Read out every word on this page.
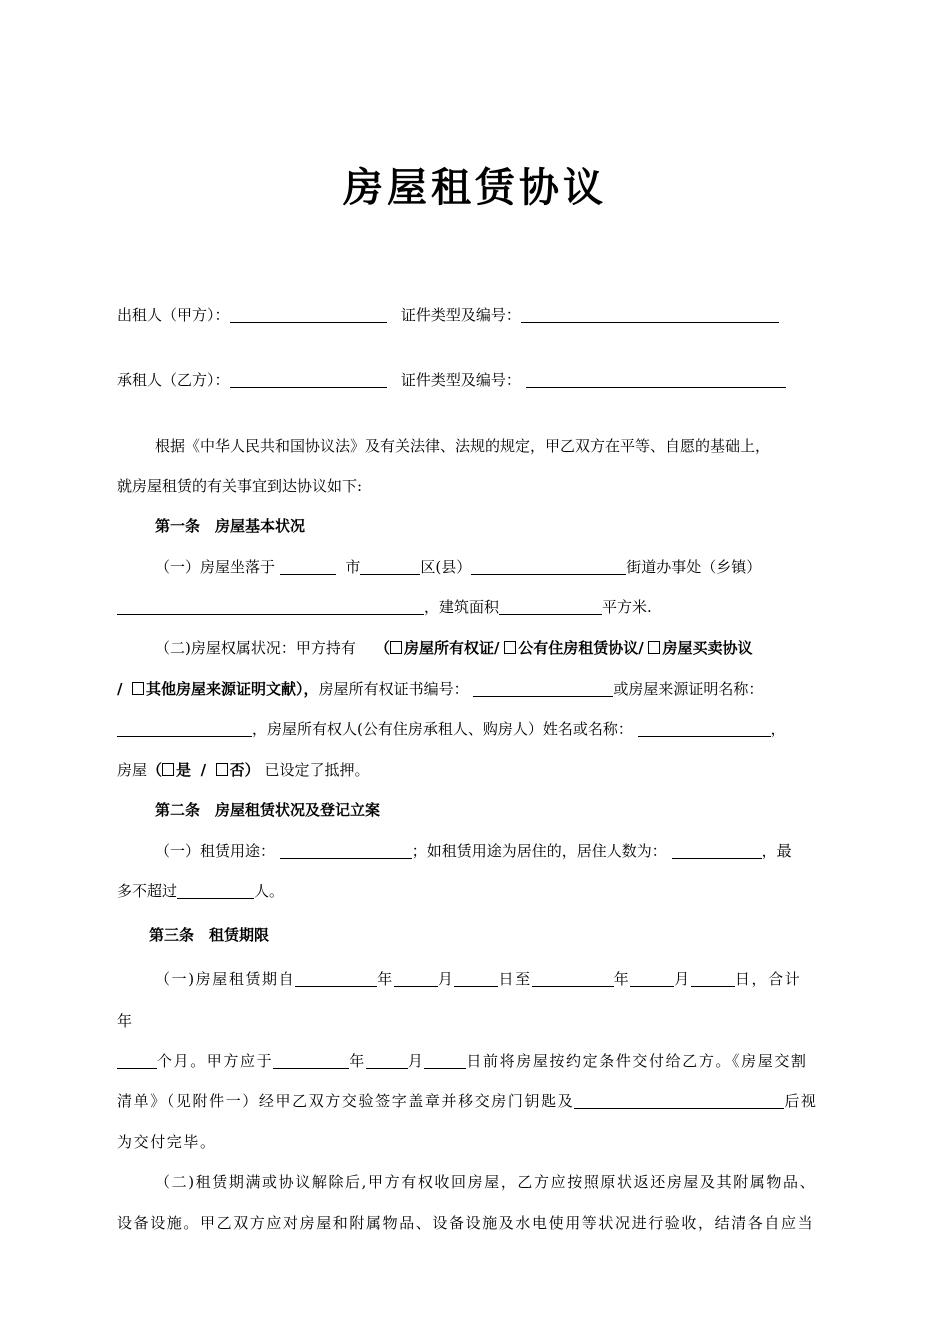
房屋租赁协议
出租人（甲方）：	证件类型及编号：
承租人（乙方）：	证件类型及编号：
根据《中华人民共和国协议法》及有关法律、法规的规定，甲乙双方在平等、自愿的基础上，
就房屋租赁的有关事宜到达协议如下:
第一条　房屋基本状况
（一）房屋坐落于	市	区(县）	街道办事处（乡镇）
，建筑面积	平方米.
（二)房屋权属状况：甲方持有 （ 房屋所有权证/ 公有住房租赁协议/ 房屋买卖协议
/ 其他房屋来源证明文献），房屋所有权证书编号：	或房屋来源证明名称：
，房屋所有权人(公有住房承租人、购房人）姓名或名称：	，
房屋（ 是 / 否） 已设定了抵押。
第二条　房屋租赁状况及登记立案
（一）租赁用途：	；如租赁用途为居住的，居住人数为：	，最
多不超过	人。
第三条　租赁期限
（一)房屋租赁期自	年	月	日至	年	月	日，合计
年
个月。甲方应于	年	月	日前将房屋按约定条件交付给乙方。《房屋交割
清单》（见附件一）经甲乙双方交验签字盖章并移交房门钥匙及	后视
为交付完毕。
（二)租赁期满或协议解除后,甲方有权收回房屋，乙方应按照原状返还房屋及其附属物品、
设备设施。甲乙双方应对房屋和附属物品、设备设施及水电使用等状况进行验收，结清各自应当
